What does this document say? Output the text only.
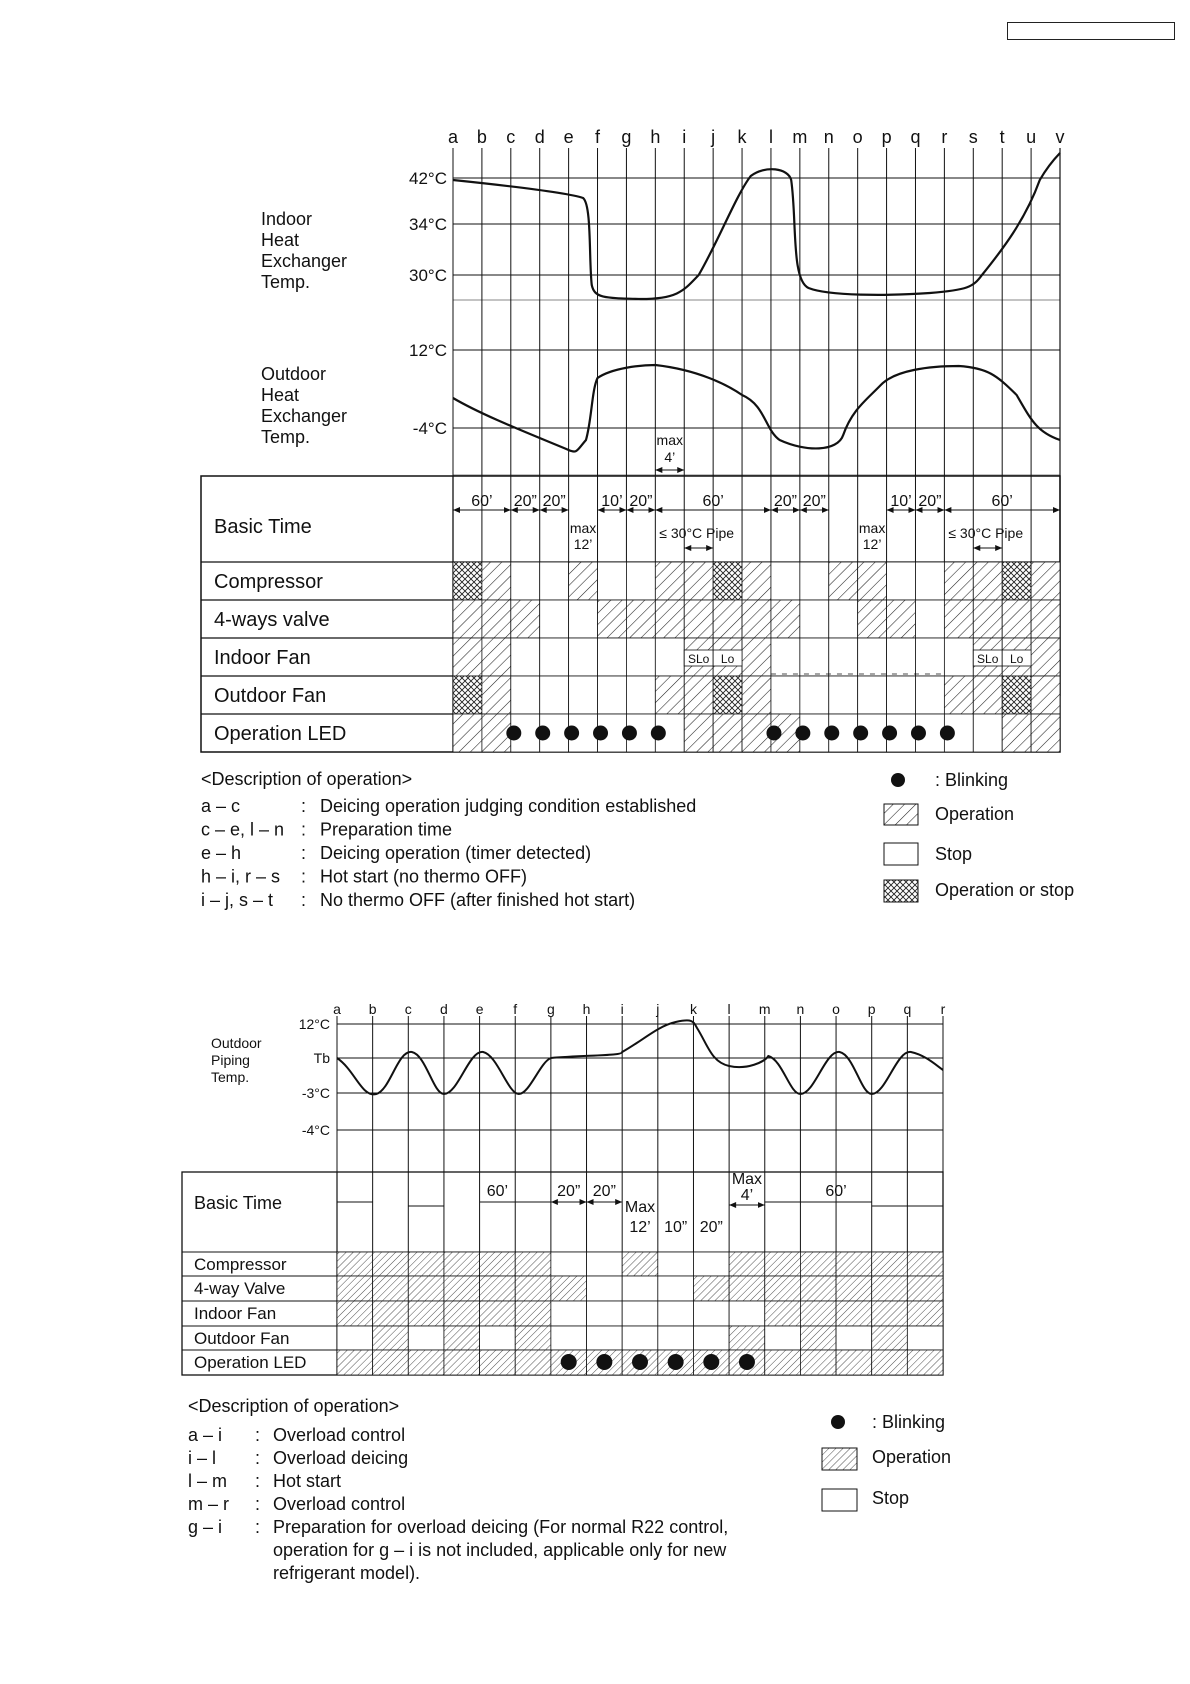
a b c d e f g h i j k l m n o p q r s t u v
42°C
34°C
30°C
12°C
-4°C
Indoor
Heat
Exchanger
Temp.
Outdoor
Heat
Exchanger
Temp.	max
4’
Basic Time
Compressor
4-ways valve
Indoor Fan
Outdoor Fan
Operation LED
60’ 20” 20” 10’ 20”	60’	20” 20”	10’ 20”	60’
max
12’
max
12’
≤ 30°C Pipe	≤ 30°C Pipe
SLo Lo	SLo Lo
<Description of operation>
a – c	: Deicing operation judging condition established
c – e, l – n : Preparation time
e – h	: Deicing operation (timer detected)
h – i, r – s : Hot start (no thermo OFF)
i – j, s – t : No thermo OFF (after finished hot start)
: Blinking
Operation
Stop
Operation or stop
a b c d e f g h i j k l m n o p q r
12°C
Tb
-3°C
-4°C
Outdoor
Piping
Temp.
Basic Time
Compressor
4-way Valve
Indoor Fan
Outdoor Fan
Operation LED
60’	20” 20”
Max
12’ 10” 20”
Max
4’	60’
<Description of operation>
a – i : Overload control
i – l : Overload deicing
l – m : Hot start
m – r : Overload control
g – i : Preparation for overload deicing (For normal R22 control,
operation for g – i is not included, applicable only for new
refrigerant model).
: Blinking
Operation
Stop
